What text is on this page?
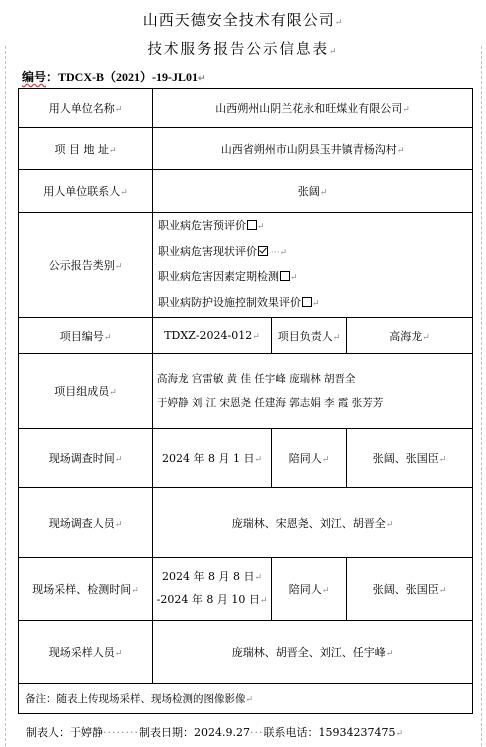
山西天德安全技术有限公司↵
技术服务报告公示信息表↵
编号：TDCX-B（2021）-19-JL01↵
用人单位名称↵	山西朔州山阴兰花永和旺煤业有限公司↵		
项 目 地 址↵	山西省朔州市山阴县玉井镇青杨沟村↵		
用人单位联系人↵	张阔↵		
公示报告类别↵	职业病危害预评价 ↵
职业病危害现状评价 ···↵
职业病危害因素定期检测 ↵
职业病防护设施控制效果评价 ↵		

项目编号↵	TDXZ-2024-012↵	项目负责人↵	高海龙↵
项目组成员↵	高海龙 宫雷敏 黄 佳 任宇峰 庞瑞林 胡晋全
于婷静 刘 江 宋恩尧 任建海 郭志娟 李 霞 张芳芳		

现场调查时间↵	2024 年 8 月 1 日↵	陪同人↵	张阔、张国臣↵
现场调查人员↵	庞瑞林、宋恩尧、刘江、胡晋全↵		
现场采样、检测时间↵	2024 年 8 月 8 日↵
-2024 年 8 月 10 日↵	陪同人↵	张阔、张国臣↵
现场采样人员↵	庞瑞林、胡晋全、刘江、任宇峰↵		
备注：随表上传现场采样、现场检测的图像影像↵			
制表人：于婷静········制表日期：2024.9.27···联系电话：15934237475↵
